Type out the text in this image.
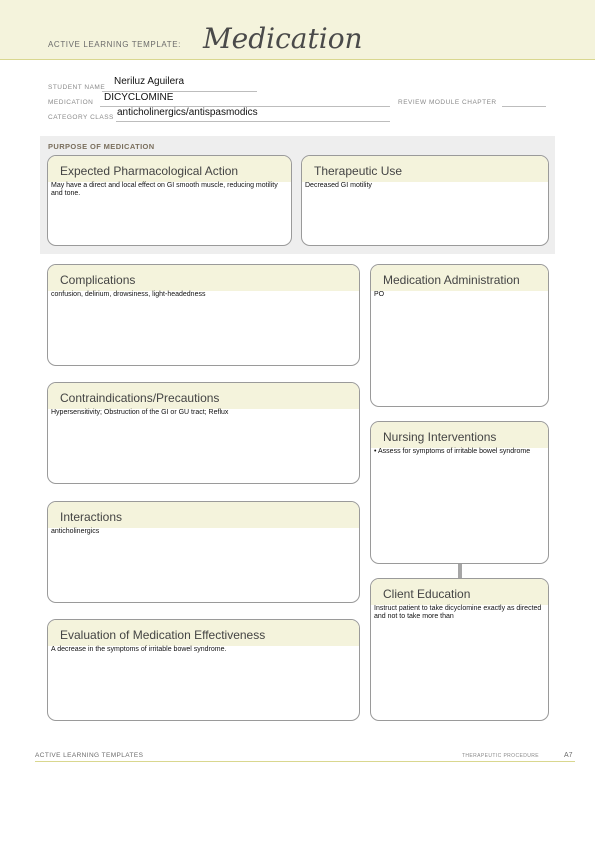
ACTIVE LEARNING TEMPLATE: Medication
STUDENT NAME
Neriluz Aguilera
MEDICATION DICYCLOMINE	REVIEW MODULE CHAPTER
CATEGORY CLASS anticholinergics/antispasmodics
PURPOSE OF MEDICATION
Expected Pharmacological Action
May have a direct and local effect on GI smooth muscle, reducing motility and tone.
Therapeutic Use
Decreased GI motility
Complications
confusion, delirium, drowsiness, light-headedness
Contraindications/Precautions
Hypersensitivity; Obstruction of the GI or GU tract; Reflux
Interactions
anticholinergics
Evaluation of Medication Effectiveness
A decrease in the symptoms of irritable bowel syndrome.
Medication Administration
PO
Nursing Interventions
• Assess for symptoms of irritable bowel syndrome
Client Education
Instruct patient to take dicyclomine exactly as directed and not to take more than
ACTIVE LEARNING TEMPLATES	THERAPEUTIC PROCEDURE	A7
